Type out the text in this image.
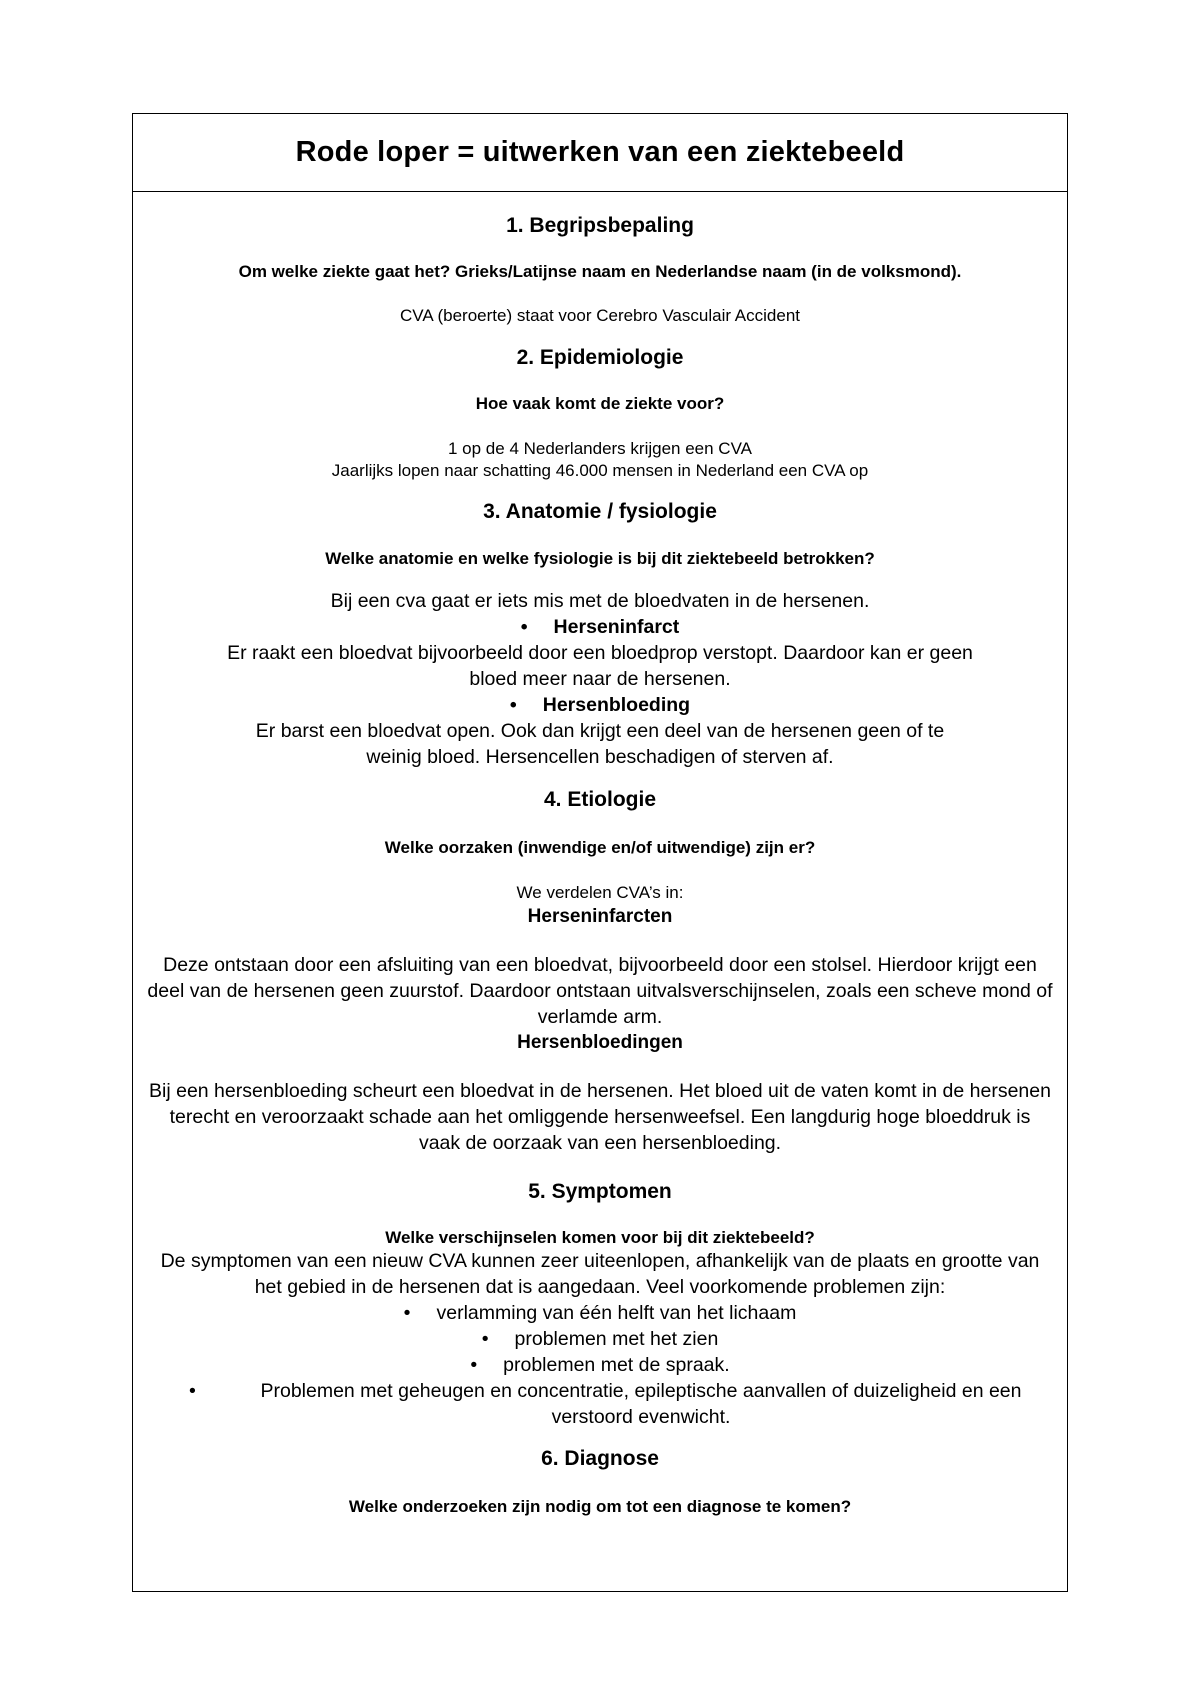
Rode loper = uitwerken van een ziektebeeld

1. Begripsbepaling

Om welke ziekte gaat het? Grieks/Latijnse naam en Nederlandse naam (in de volksmond).

CVA (beroerte) staat voor Cerebro Vasculair Accident

2. Epidemiologie

Hoe vaak komt de ziekte voor?

1 op de 4 Nederlanders krijgen een CVA

Jaarlijks lopen naar schatting 46.000 mensen in Nederland een CVA op

3. Anatomie / fysiologie

Welke anatomie en welke fysiologie is bij dit ziektebeeld betrokken?

Bij een cva gaat er iets mis met de bloedvaten in de hersenen.

• Herseninfarct

Er raakt een bloedvat bijvoorbeeld door een bloedprop verstopt. Daardoor kan er geen bloed meer naar de hersenen.

• Hersenbloeding

Er barst een bloedvat open. Ook dan krijgt een deel van de hersenen geen of te weinig bloed. Hersencellen beschadigen of sterven af.

4. Etiologie

Welke oorzaken (inwendige en/of uitwendige) zijn er?

We verdelen CVA’s in:

Herseninfarcten

Deze ontstaan door een afsluiting van een bloedvat, bijvoorbeeld door een stolsel. Hierdoor krijgt een deel van de hersenen geen zuurstof. Daardoor ontstaan uitvalsverschijnselen, zoals een scheve mond of verlamde arm.

Hersenbloedingen

Bij een hersenbloeding scheurt een bloedvat in de hersenen. Het bloed uit de vaten komt in de hersenen terecht en veroorzaakt schade aan het omliggende hersenweefsel. Een langdurig hoge bloeddruk is vaak de oorzaak van een hersenbloeding.

5. Symptomen

Welke verschijnselen komen voor bij dit ziektebeeld?

De symptomen van een nieuw CVA kunnen zeer uiteenlopen, afhankelijk van de plaats en grootte van het gebied in de hersenen dat is aangedaan. Veel voorkomende problemen zijn:

• verlamming van één helft van het lichaam

• problemen met het zien

• problemen met de spraak.

•	Problemen met geheugen en concentratie, epileptische aanvallen of duizeligheid en een verstoord evenwicht.

6. Diagnose

Welke onderzoeken zijn nodig om tot een diagnose te komen?
